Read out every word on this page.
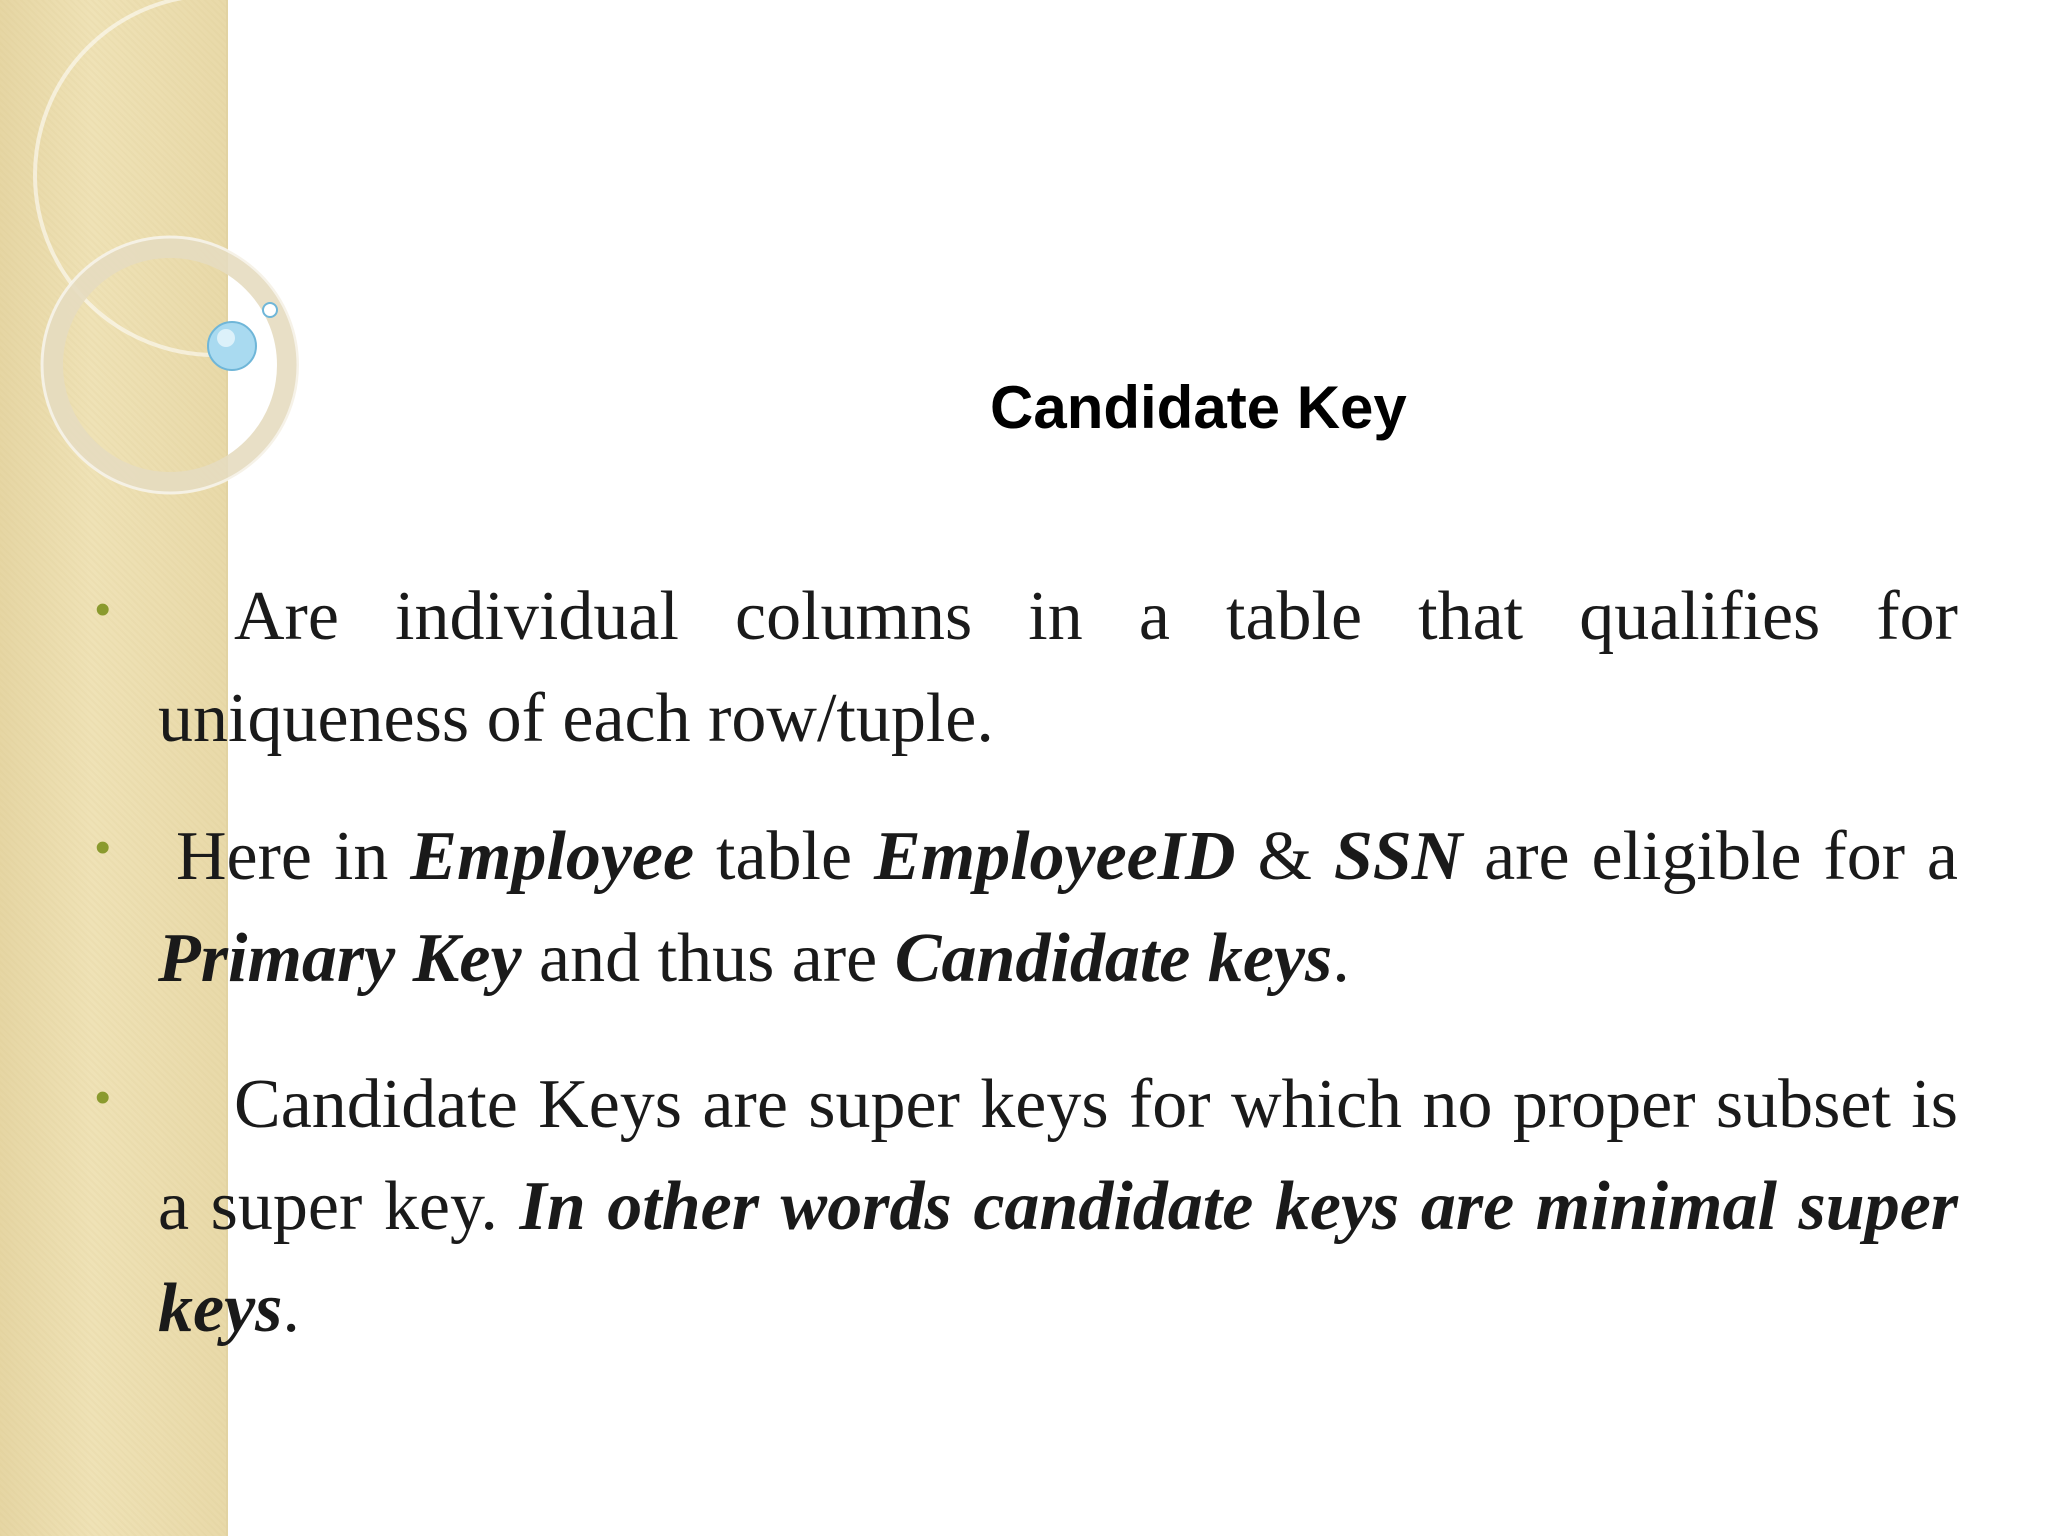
Candidate Key
•	Are individual columns in a table that qualifies for uniqueness of each row/tuple.

• Here in Employee table EmployeeID & SSN are eligible for a Primary Key and thus are Candidate keys.

•	Candidate Keys are super keys for which no proper subset is a super key. In other words candidate keys are minimal super keys.
